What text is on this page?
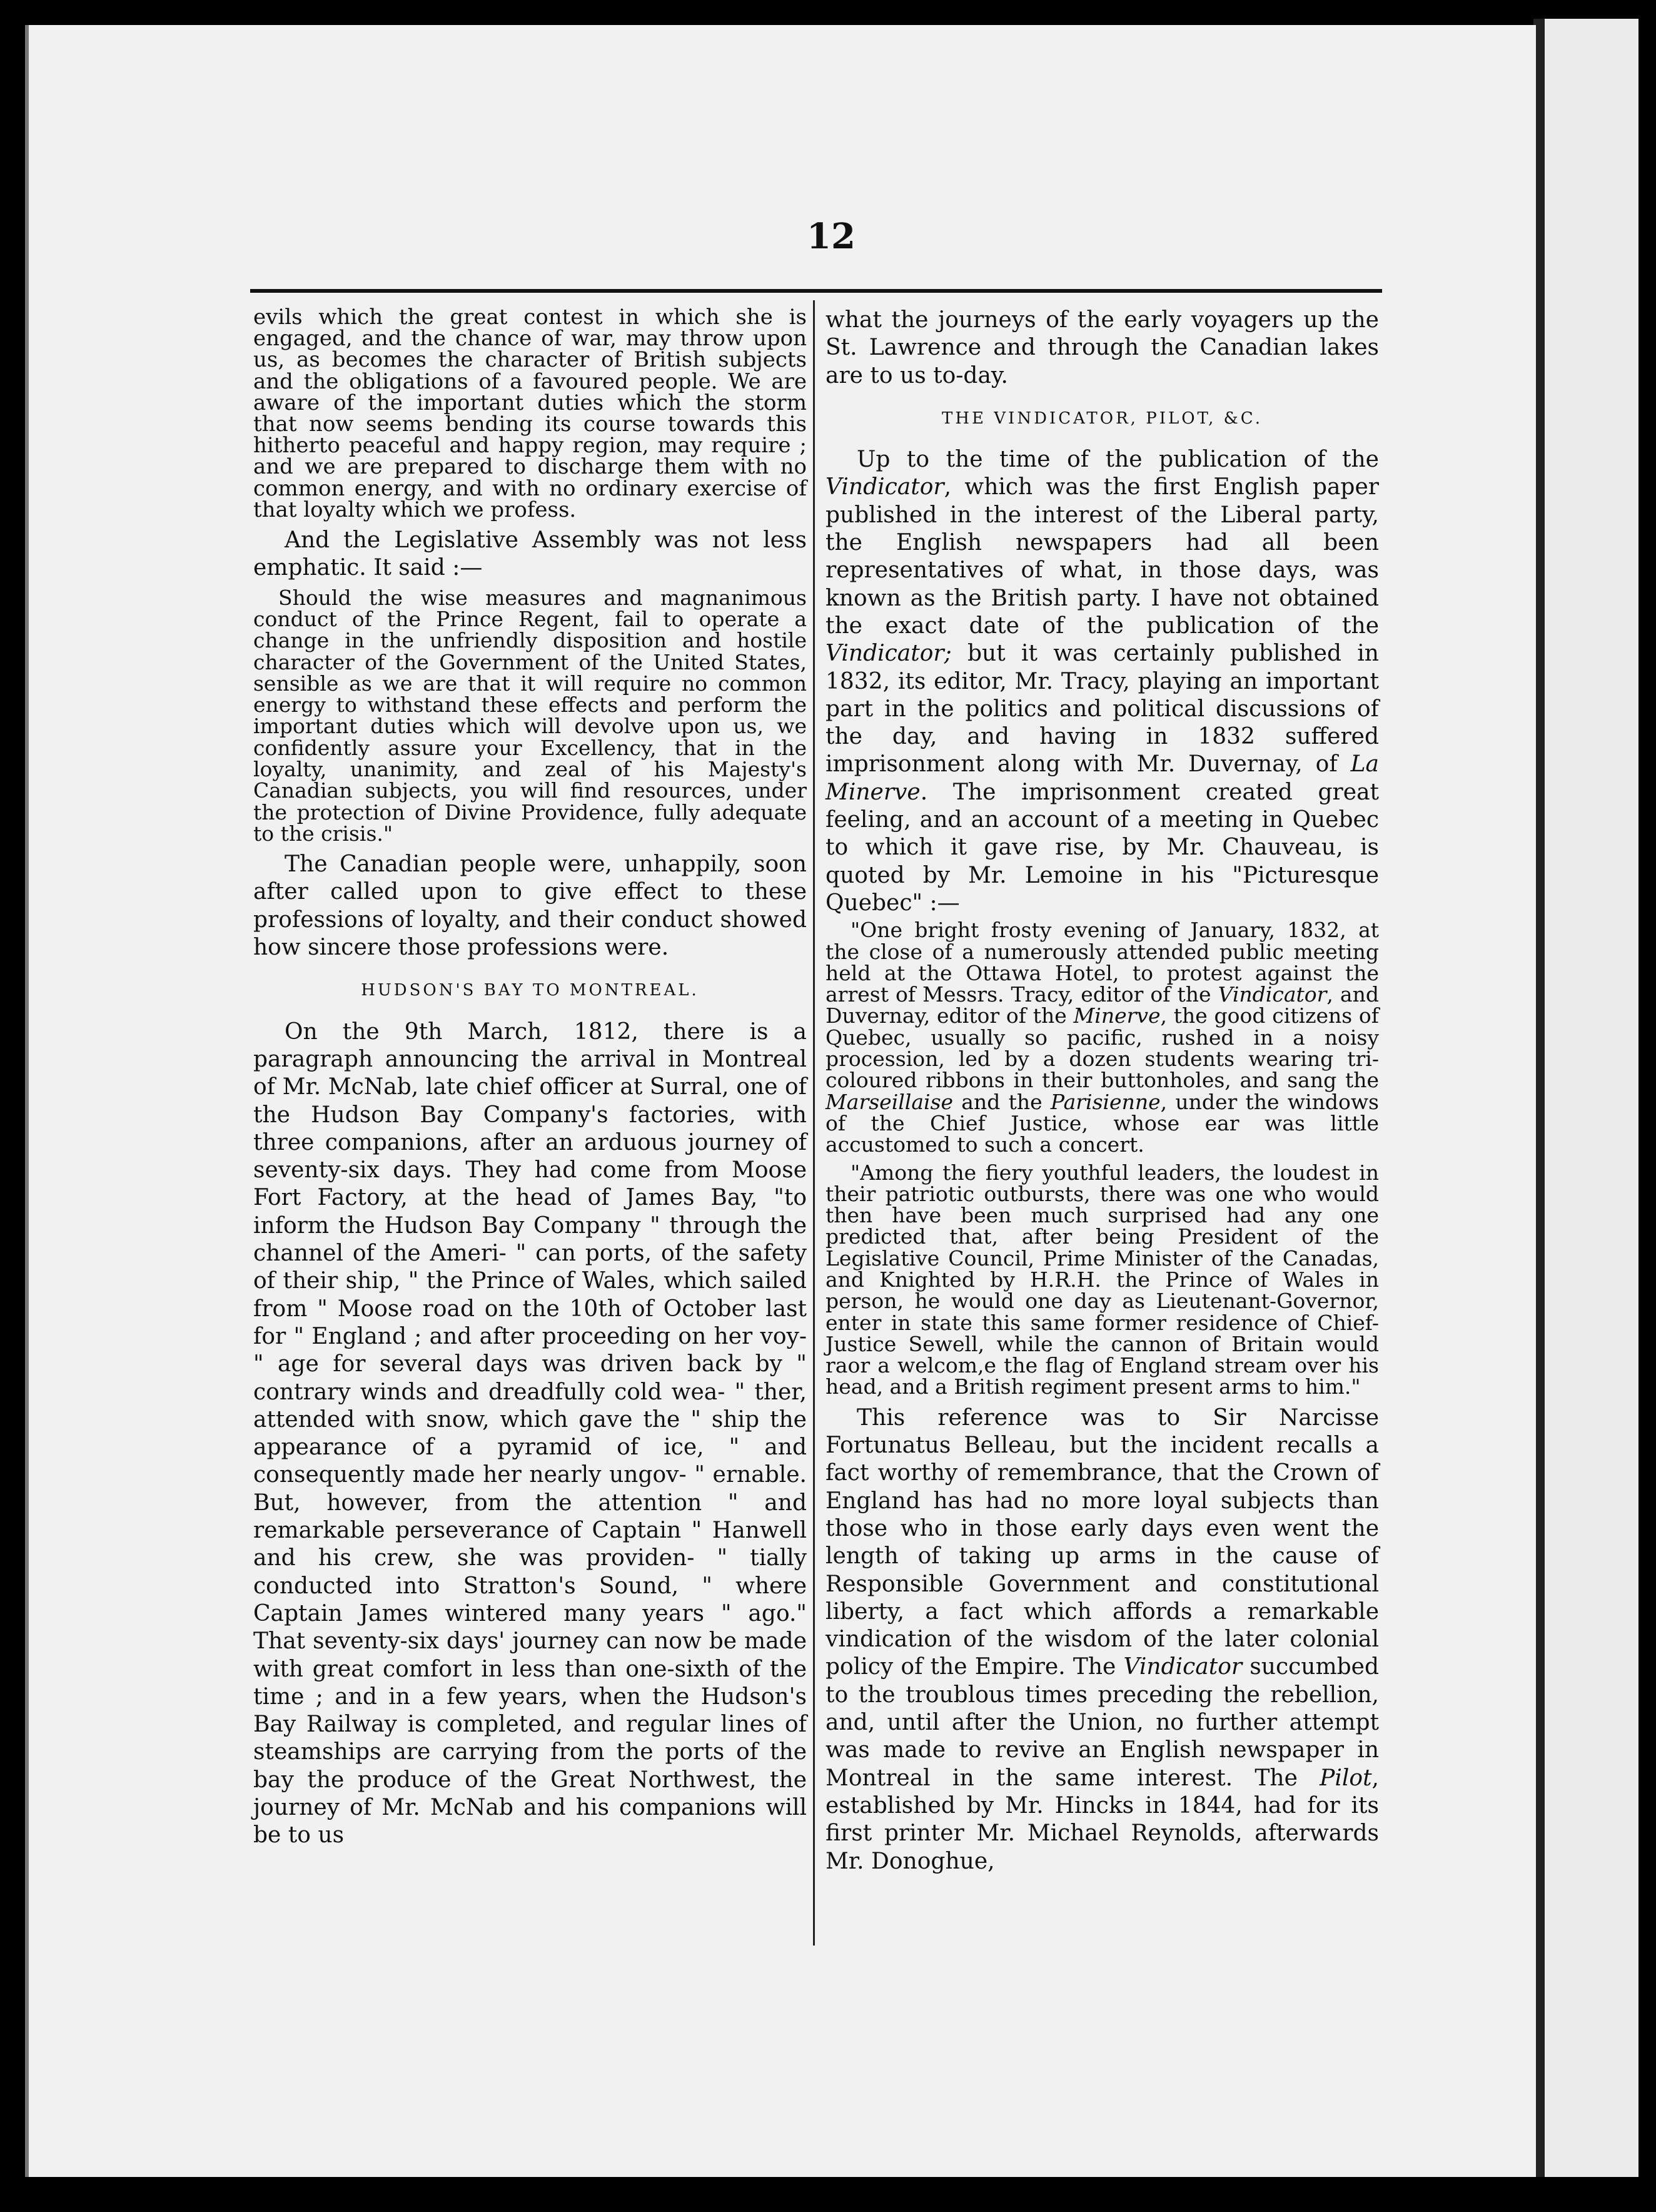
12

evils which the great contest in which she is engaged, and the chance of war, may throw upon us, as becomes the character of British subjects and the obligations of a favoured people. We are aware of the important duties which the storm that now seems bending its course towards this hitherto peaceful and happy region, may require ; and we are prepared to discharge them with no common energy, and with no ordinary exercise of that loyalty which we profess.

And the Legislative Assembly was not less emphatic. It said :—

Should the wise measures and magnanimous conduct of the Prince Regent, fail to operate a change in the unfriendly disposition and hostile character of the Government of the United States, sensible as we are that it will require no common energy to withstand these effects and perform the important duties which will devolve upon us, we confidently assure your Excellency, that in the loyalty, unanimity, and zeal of his Majesty's Canadian subjects, you will find resources, under the protection of Divine Providence, fully adequate to the crisis."

The Canadian people were, unhappily, soon after called upon to give effect to these professions of loyalty, and their conduct showed how sincere those professions were.

HUDSON'S BAY TO MONTREAL.

On the 9th March, 1812, there is a paragraph announcing the arrival in Montreal of Mr. McNab, late chief officer at Surral, one of the Hudson Bay Company's factories, with three companions, after an arduous journey of seventy-six days. They had come from Moose Fort Factory, at the head of James Bay, "to inform the Hudson Bay Company " through the channel of the Ameri- " can ports, of the safety of their ship, " the Prince of Wales, which sailed from " Moose road on the 10th of October last for " England ; and after proceeding on her voy- " age for several days was driven back by " contrary winds and dreadfully cold wea- " ther, attended with snow, which gave the " ship the appearance of a pyramid of ice, " and consequently made her nearly ungov- " ernable. But, however, from the attention " and remarkable perseverance of Captain " Hanwell and his crew, she was providen- " tially conducted into Stratton's Sound, " where Captain James wintered many years " ago." That seventy-six days' journey can now be made with great comfort in less than one-sixth of the time ; and in a few years, when the Hudson's Bay Railway is completed, and regular lines of steamships are carrying from the ports of the bay the produce of the Great Northwest, the journey of Mr. McNab and his companions will be to us

what the journeys of the early voyagers up the St. Lawrence and through the Canadian lakes are to us to-day.

THE VINDICATOR, PILOT, &C.

Up to the time of the publication of the Vindicator, which was the first English paper published in the interest of the Liberal party, the English newspapers had all been representatives of what, in those days, was known as the British party. I have not obtained the exact date of the publication of the Vindicator; but it was certainly published in 1832, its editor, Mr. Tracy, playing an important part in the politics and political discussions of the day, and having in 1832 suffered imprisonment along with Mr. Duvernay, of La Minerve. The imprisonment created great feeling, and an account of a meeting in Quebec to which it gave rise, by Mr. Chauveau, is quoted by Mr. Lemoine in his "Picturesque Quebec" :—

"One bright frosty evening of January, 1832, at the close of a numerously attended public meeting held at the Ottawa Hotel, to protest against the arrest of Messrs. Tracy, editor of the Vindicator, and Duvernay, editor of the Minerve, the good citizens of Quebec, usually so pacific, rushed in a noisy procession, led by a dozen students wearing tri-coloured ribbons in their buttonholes, and sang the Marseillaise and the Parisienne, under the windows of the Chief Justice, whose ear was little accustomed to such a concert.

"Among the fiery youthful leaders, the loudest in their patriotic outbursts, there was one who would then have been much surprised had any one predicted that, after being President of the Legislative Council, Prime Minister of the Canadas, and Knighted by H.R.H. the Prince of Wales in person, he would one day as Lieutenant-Governor, enter in state this same former residence of Chief-Justice Sewell, while the cannon of Britain would raor a welcom,e the flag of England stream over his head, and a British regiment present arms to him."

This reference was to Sir Narcisse Fortunatus Belleau, but the incident recalls a fact worthy of remembrance, that the Crown of England has had no more loyal subjects than those who in those early days even went the length of taking up arms in the cause of Responsible Government and constitutional liberty, a fact which affords a remarkable vindication of the wisdom of the later colonial policy of the Empire. The Vindicator succumbed to the troublous times preceding the rebellion, and, until after the Union, no further attempt was made to revive an English newspaper in Montreal in the same interest. The Pilot, established by Mr. Hincks in 1844, had for its first printer Mr. Michael Reynolds, afterwards Mr. Donoghue,
